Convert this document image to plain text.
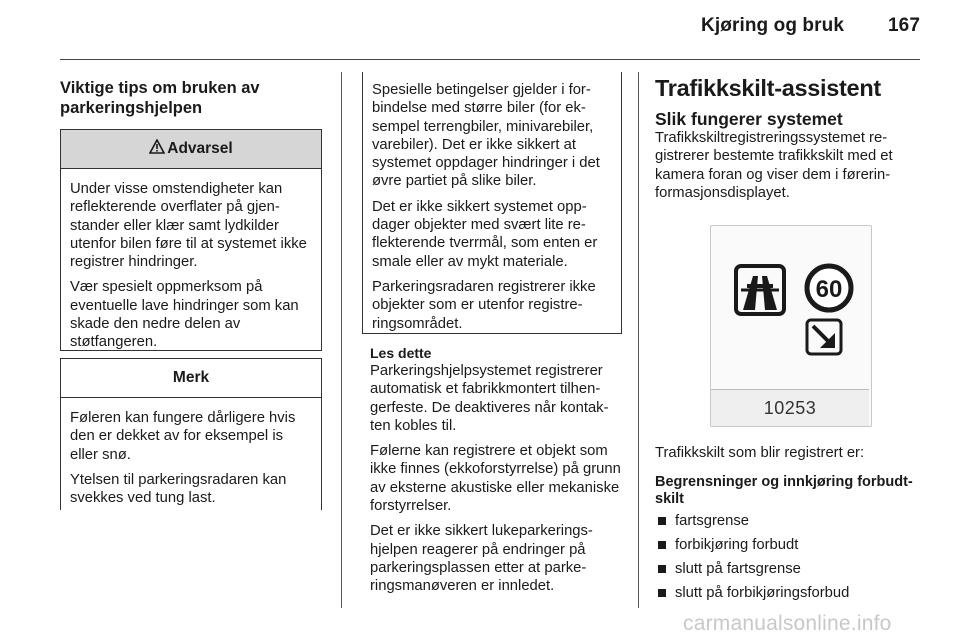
Kjøring og bruk 167
Viktige tips om bruken av parkeringshjelpen
Advarsel

Under visse omstendigheter kan reflekterende overflater på gjen-stander eller klær samt lydkilder utenfor bilen føre til at systemet ikke registrer hindringer.

Vær spesielt oppmerksom på eventuelle lave hindringer som kan skade den nedre delen av støtfangeren.

Merk

Føleren kan fungere dårligere hvis den er dekket av for eksempel is eller snø.

Ytelsen til parkeringsradaren kan svekkes ved tung last.

Spesielle betingelser gjelder i for-bindelse med større biler (for ek-sempel terrengbiler, minivarebiler, varebiler). Det er ikke sikkert at systemet oppdager hindringer i det øvre partiet på slike biler.

Det er ikke sikkert systemet opp-dager objekter med svært lite re-flekterende tverrmål, som enten er smale eller av mykt materiale.

Parkeringsradaren registrerer ikke objekter som er utenfor registre-ringsområdet.

Les dette

Parkeringshjelpsystemet registrerer automatisk et fabrikkmontert tilhen-gerfeste. De deaktiveres når kontak-ten kobles til.

Følerne kan registrere et objekt som ikke finnes (ekkoforstyrrelse) på grunn av eksterne akustiske eller mekaniske forstyrrelser.

Det er ikke sikkert lukeparkerings-hjelpen reagerer på endringer på parkeringsplassen etter at parke-ringsmanøveren er innledet.

Trafikkskilt-assistent
Slik fungerer systemet

Trafikkskiltregistreringssystemet re-gistrerer bestemte trafikkskilt med et kamera foran og viser dem i førerin-formasjonsdisplayet.

60
10253
Trafikkskilt som blir registrert er:
Begrensninger og innkjøring forbudt-skilt
fartsgrense
forbikjøring forbudt
slutt på fartsgrense
slutt på forbikjøringsforbud
carmanualsonline.info
